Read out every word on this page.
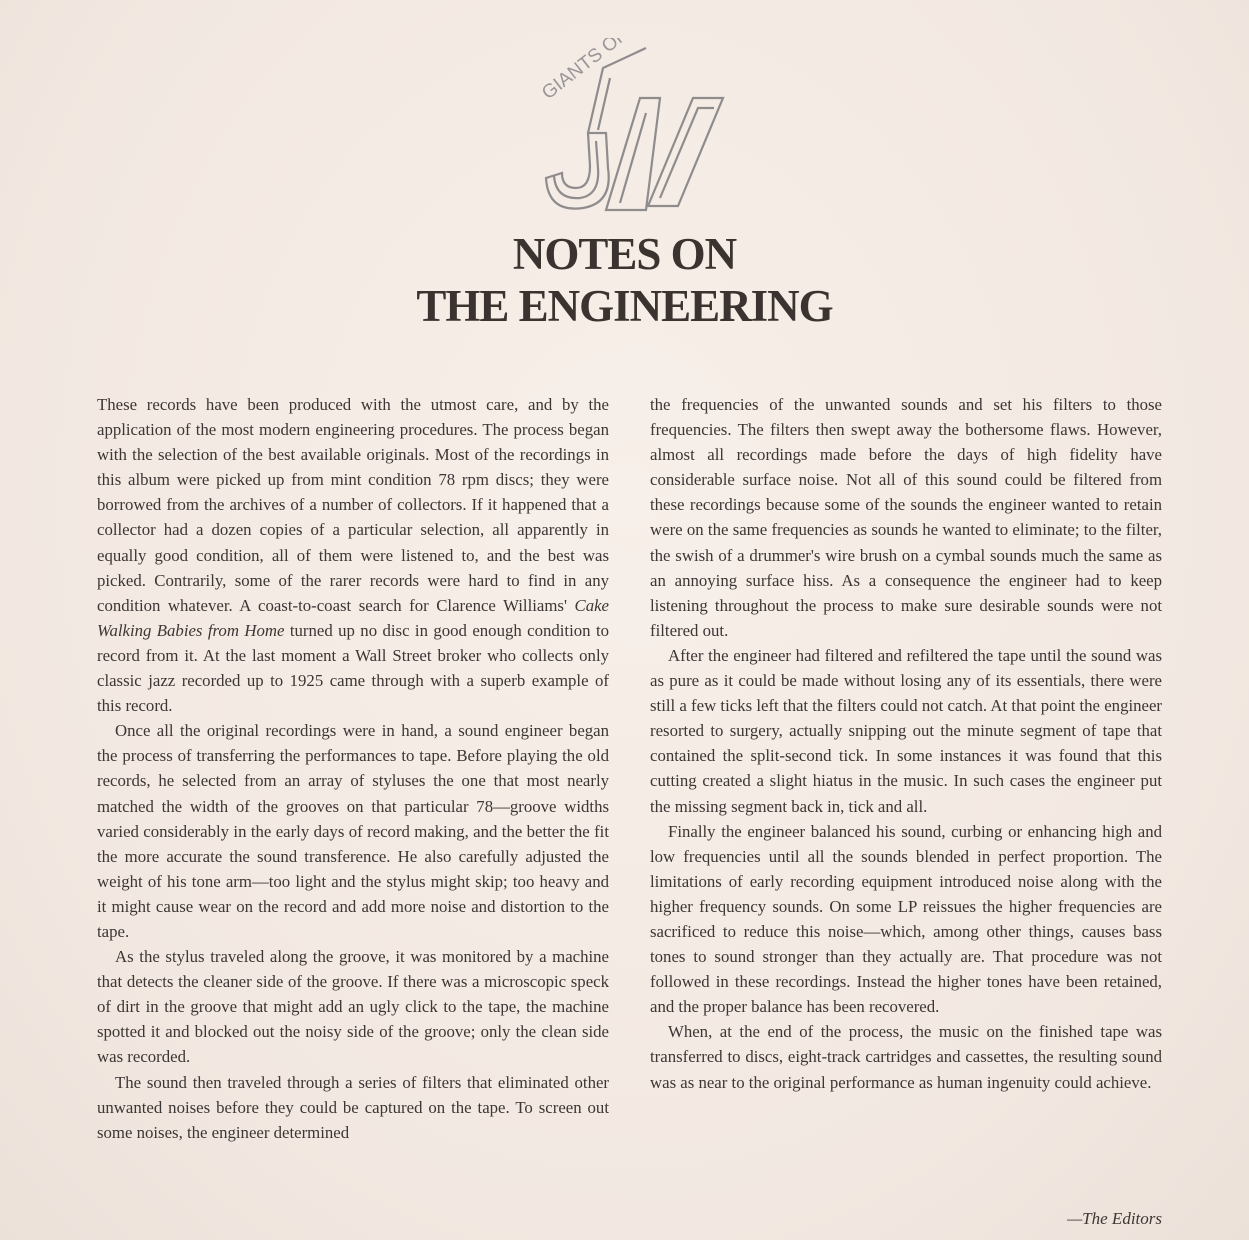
GIANTS OF
NOTES ON
THE ENGINEERING

These records have been produced with the utmost care, and by the application of the most modern engineering procedures. The process began with the selection of the best available originals. Most of the recordings in this album were picked up from mint condition 78 rpm discs; they were borrowed from the archives of a number of collectors. If it happened that a collector had a dozen copies of a particular selection, all apparently in equally good condition, all of them were listened to, and the best was picked. Contrarily, some of the rarer records were hard to find in any condition whatever. A coast-to-coast search for Clarence Williams' Cake Walking Babies from Home turned up no disc in good enough condition to record from it. At the last moment a Wall Street broker who collects only classic jazz recorded up to 1925 came through with a superb example of this record.

Once all the original recordings were in hand, a sound engineer began the process of transferring the performances to tape. Before playing the old records, he selected from an array of styluses the one that most nearly matched the width of the grooves on that particular 78—groove widths varied considerably in the early days of record making, and the better the fit the more accurate the sound transference. He also carefully adjusted the weight of his tone arm—too light and the stylus might skip; too heavy and it might cause wear on the record and add more noise and distortion to the tape.

As the stylus traveled along the groove, it was monitored by a machine that detects the cleaner side of the groove. If there was a microscopic speck of dirt in the groove that might add an ugly click to the tape, the machine spotted it and blocked out the noisy side of the groove; only the clean side was recorded.

The sound then traveled through a series of filters that eliminated other unwanted noises before they could be captured on the tape. To screen out some noises, the engineer determined

the frequencies of the unwanted sounds and set his filters to those frequencies. The filters then swept away the bothersome flaws. However, almost all recordings made before the days of high fidelity have considerable surface noise. Not all of this sound could be filtered from these recordings because some of the sounds the engineer wanted to retain were on the same frequencies as sounds he wanted to eliminate; to the filter, the swish of a drummer's wire brush on a cymbal sounds much the same as an annoying surface hiss. As a consequence the engineer had to keep listening throughout the process to make sure desirable sounds were not filtered out.

After the engineer had filtered and refiltered the tape until the sound was as pure as it could be made without losing any of its essentials, there were still a few ticks left that the filters could not catch. At that point the engineer resorted to surgery, actually snipping out the minute segment of tape that contained the split-second tick. In some instances it was found that this cutting created a slight hiatus in the music. In such cases the engineer put the missing segment back in, tick and all.

Finally the engineer balanced his sound, curbing or enhancing high and low frequencies until all the sounds blended in perfect proportion. The limitations of early recording equipment introduced noise along with the higher frequency sounds. On some LP reissues the higher frequencies are sacrificed to reduce this noise—which, among other things, causes bass tones to sound stronger than they actually are. That procedure was not followed in these recordings. Instead the higher tones have been retained, and the proper balance has been recovered.

When, at the end of the process, the music on the finished tape was transferred to discs, eight-track cartridges and cassettes, the resulting sound was as near to the original performance as human ingenuity could achieve.

—The Editors
